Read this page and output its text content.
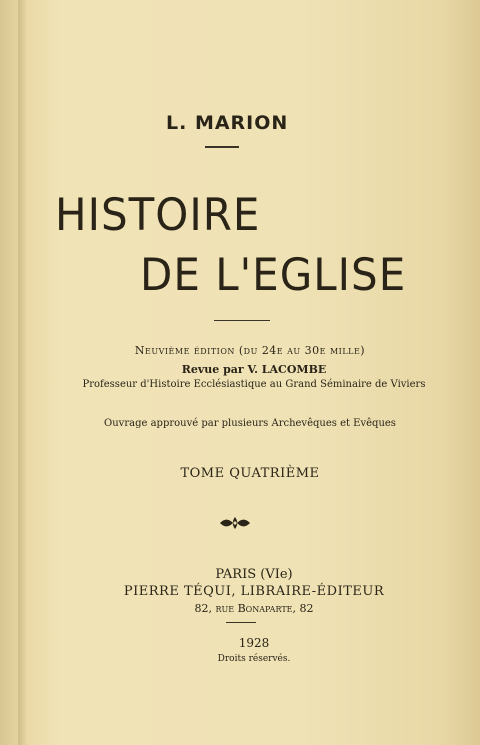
L. MARION
HISTOIRE
DE L'EGLISE
Neuvième édition (du 24e au 30e mille)
Revue par V. LACOMBE
Professeur d'Histoire Ecclésiastique au Grand Séminaire de Viviers
Ouvrage approuvé par plusieurs Archevêques et Evêques
TOME QUATRIÈME
PARIS (VIe)
PIERRE TÉQUI, LIBRAIRE-ÉDITEUR
82, rue Bonaparte, 82
1928
Droits réservés.
